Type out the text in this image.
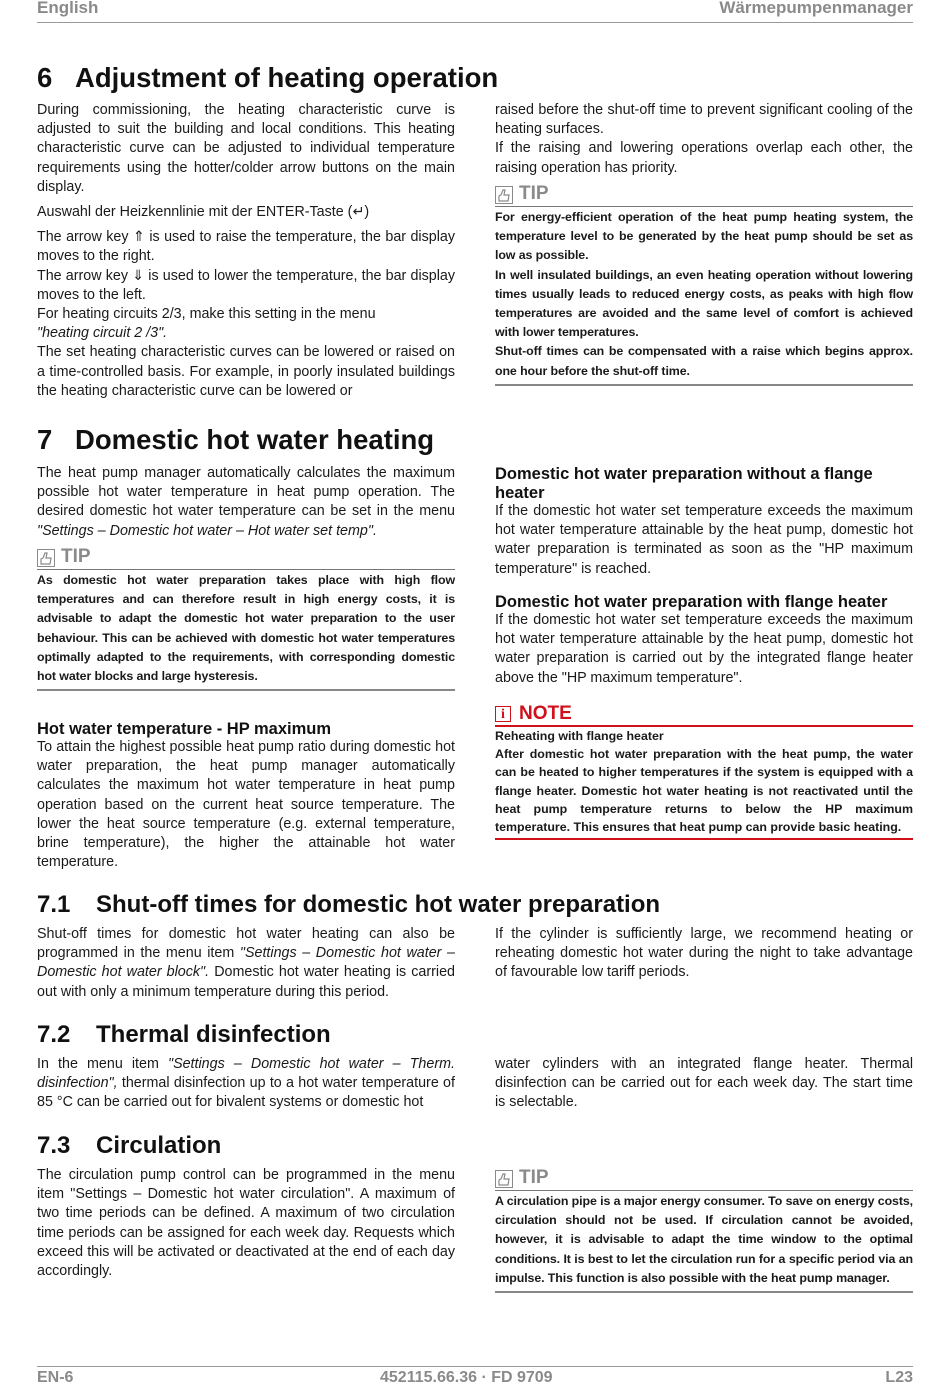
English	Wärmepumpenmanager
6 Adjustment of heating operation

During commissioning, the heating characteristic curve is adjusted to suit the building and local conditions. This heating characteristic curve can be adjusted to individual temperature requirements using the hotter/colder arrow buttons on the main display.

Auswahl der Heizkennlinie mit der ENTER-Taste (↵)

The arrow key ⇑ is used to raise the temperature, the bar display moves to the right.

The arrow key ⇓ is used to lower the temperature, the bar display moves to the left.

For heating circuits 2/3, make this setting in the menu
"heating circuit 2 /3".

The set heating characteristic curves can be lowered or raised on a time-controlled basis. For example, in poorly insulated buildings the heating characteristic curve can be lowered or

raised before the shut-off time to prevent significant cooling of the heating surfaces.

If the raising and lowering operations overlap each other, the raising operation has priority.

TIP

For energy-efficient operation of the heat pump heating system, the temperature level to be generated by the heat pump should be set as low as possible.

In well insulated buildings, an even heating operation without lowering times usually leads to reduced energy costs, as peaks with high flow temperatures are avoided and the same level of comfort is achieved with lower temperatures.

Shut-off times can be compensated with a raise which begins approx. one hour before the shut-off time.

7 Domestic hot water heating

The heat pump manager automatically calculates the maximum possible hot water temperature in heat pump operation. The desired domestic hot water temperature can be set in the menu "Settings – Domestic hot water – Hot water set temp".

TIP

As domestic hot water preparation takes place with high flow temperatures and can therefore result in high energy costs, it is advisable to adapt the domestic hot water preparation to the user behaviour. This can be achieved with domestic hot water temperatures optimally adapted to the requirements, with corresponding domestic hot water blocks and large hysteresis.

Hot water temperature - HP maximum

To attain the highest possible heat pump ratio during domestic hot water preparation, the heat pump manager automatically calculates the maximum hot water temperature in heat pump operation based on the current heat source temperature. The lower the heat source temperature (e.g. external temperature, brine temperature), the higher the attainable hot water temperature.

Domestic hot water preparation without a flange heater

If the domestic hot water set temperature exceeds the maximum hot water temperature attainable by the heat pump, domestic hot water preparation is terminated as soon as the "HP maximum temperature" is reached.

Domestic hot water preparation with flange heater

If the domestic hot water set temperature exceeds the maximum hot water temperature attainable by the heat pump, domestic hot water preparation is carried out by the integrated flange heater above the "HP maximum temperature".

i NOTE

Reheating with flange heater

After domestic hot water preparation with the heat pump, the water can be heated to higher temperatures if the system is equipped with a flange heater. Domestic hot water heating is not reactivated until the heat pump temperature returns to below the HP maximum temperature. This ensures that heat pump can provide basic heating.

7.1 Shut-off times for domestic hot water preparation

Shut-off times for domestic hot water heating can also be programmed in the menu item "Settings – Domestic hot water – Domestic hot water block". Domestic hot water heating is carried out with only a minimum temperature during this period.

If the cylinder is sufficiently large, we recommend heating or reheating domestic hot water during the night to take advantage of favourable low tariff periods.

7.2 Thermal disinfection

In the menu item "Settings – Domestic hot water – Therm. disinfection", thermal disinfection up to a hot water temperature of 85 °C can be carried out for bivalent systems or domestic hot

water cylinders with an integrated flange heater. Thermal disinfection can be carried out for each week day. The start time is selectable.

7.3 Circulation

The circulation pump control can be programmed in the menu item "Settings – Domestic hot water circulation". A maximum of two time periods can be defined. A maximum of two circulation time periods can be assigned for each week day. Requests which exceed this will be activated or deactivated at the end of each day accordingly.

TIP

A circulation pipe is a major energy consumer. To save on energy costs, circulation should not be used. If circulation cannot be avoided, however, it is advisable to adapt the time window to the optimal conditions. It is best to let the circulation run for a specific period via an impulse. This function is also possible with the heat pump manager.

EN-6	452115.66.36 · FD 9709	L23
